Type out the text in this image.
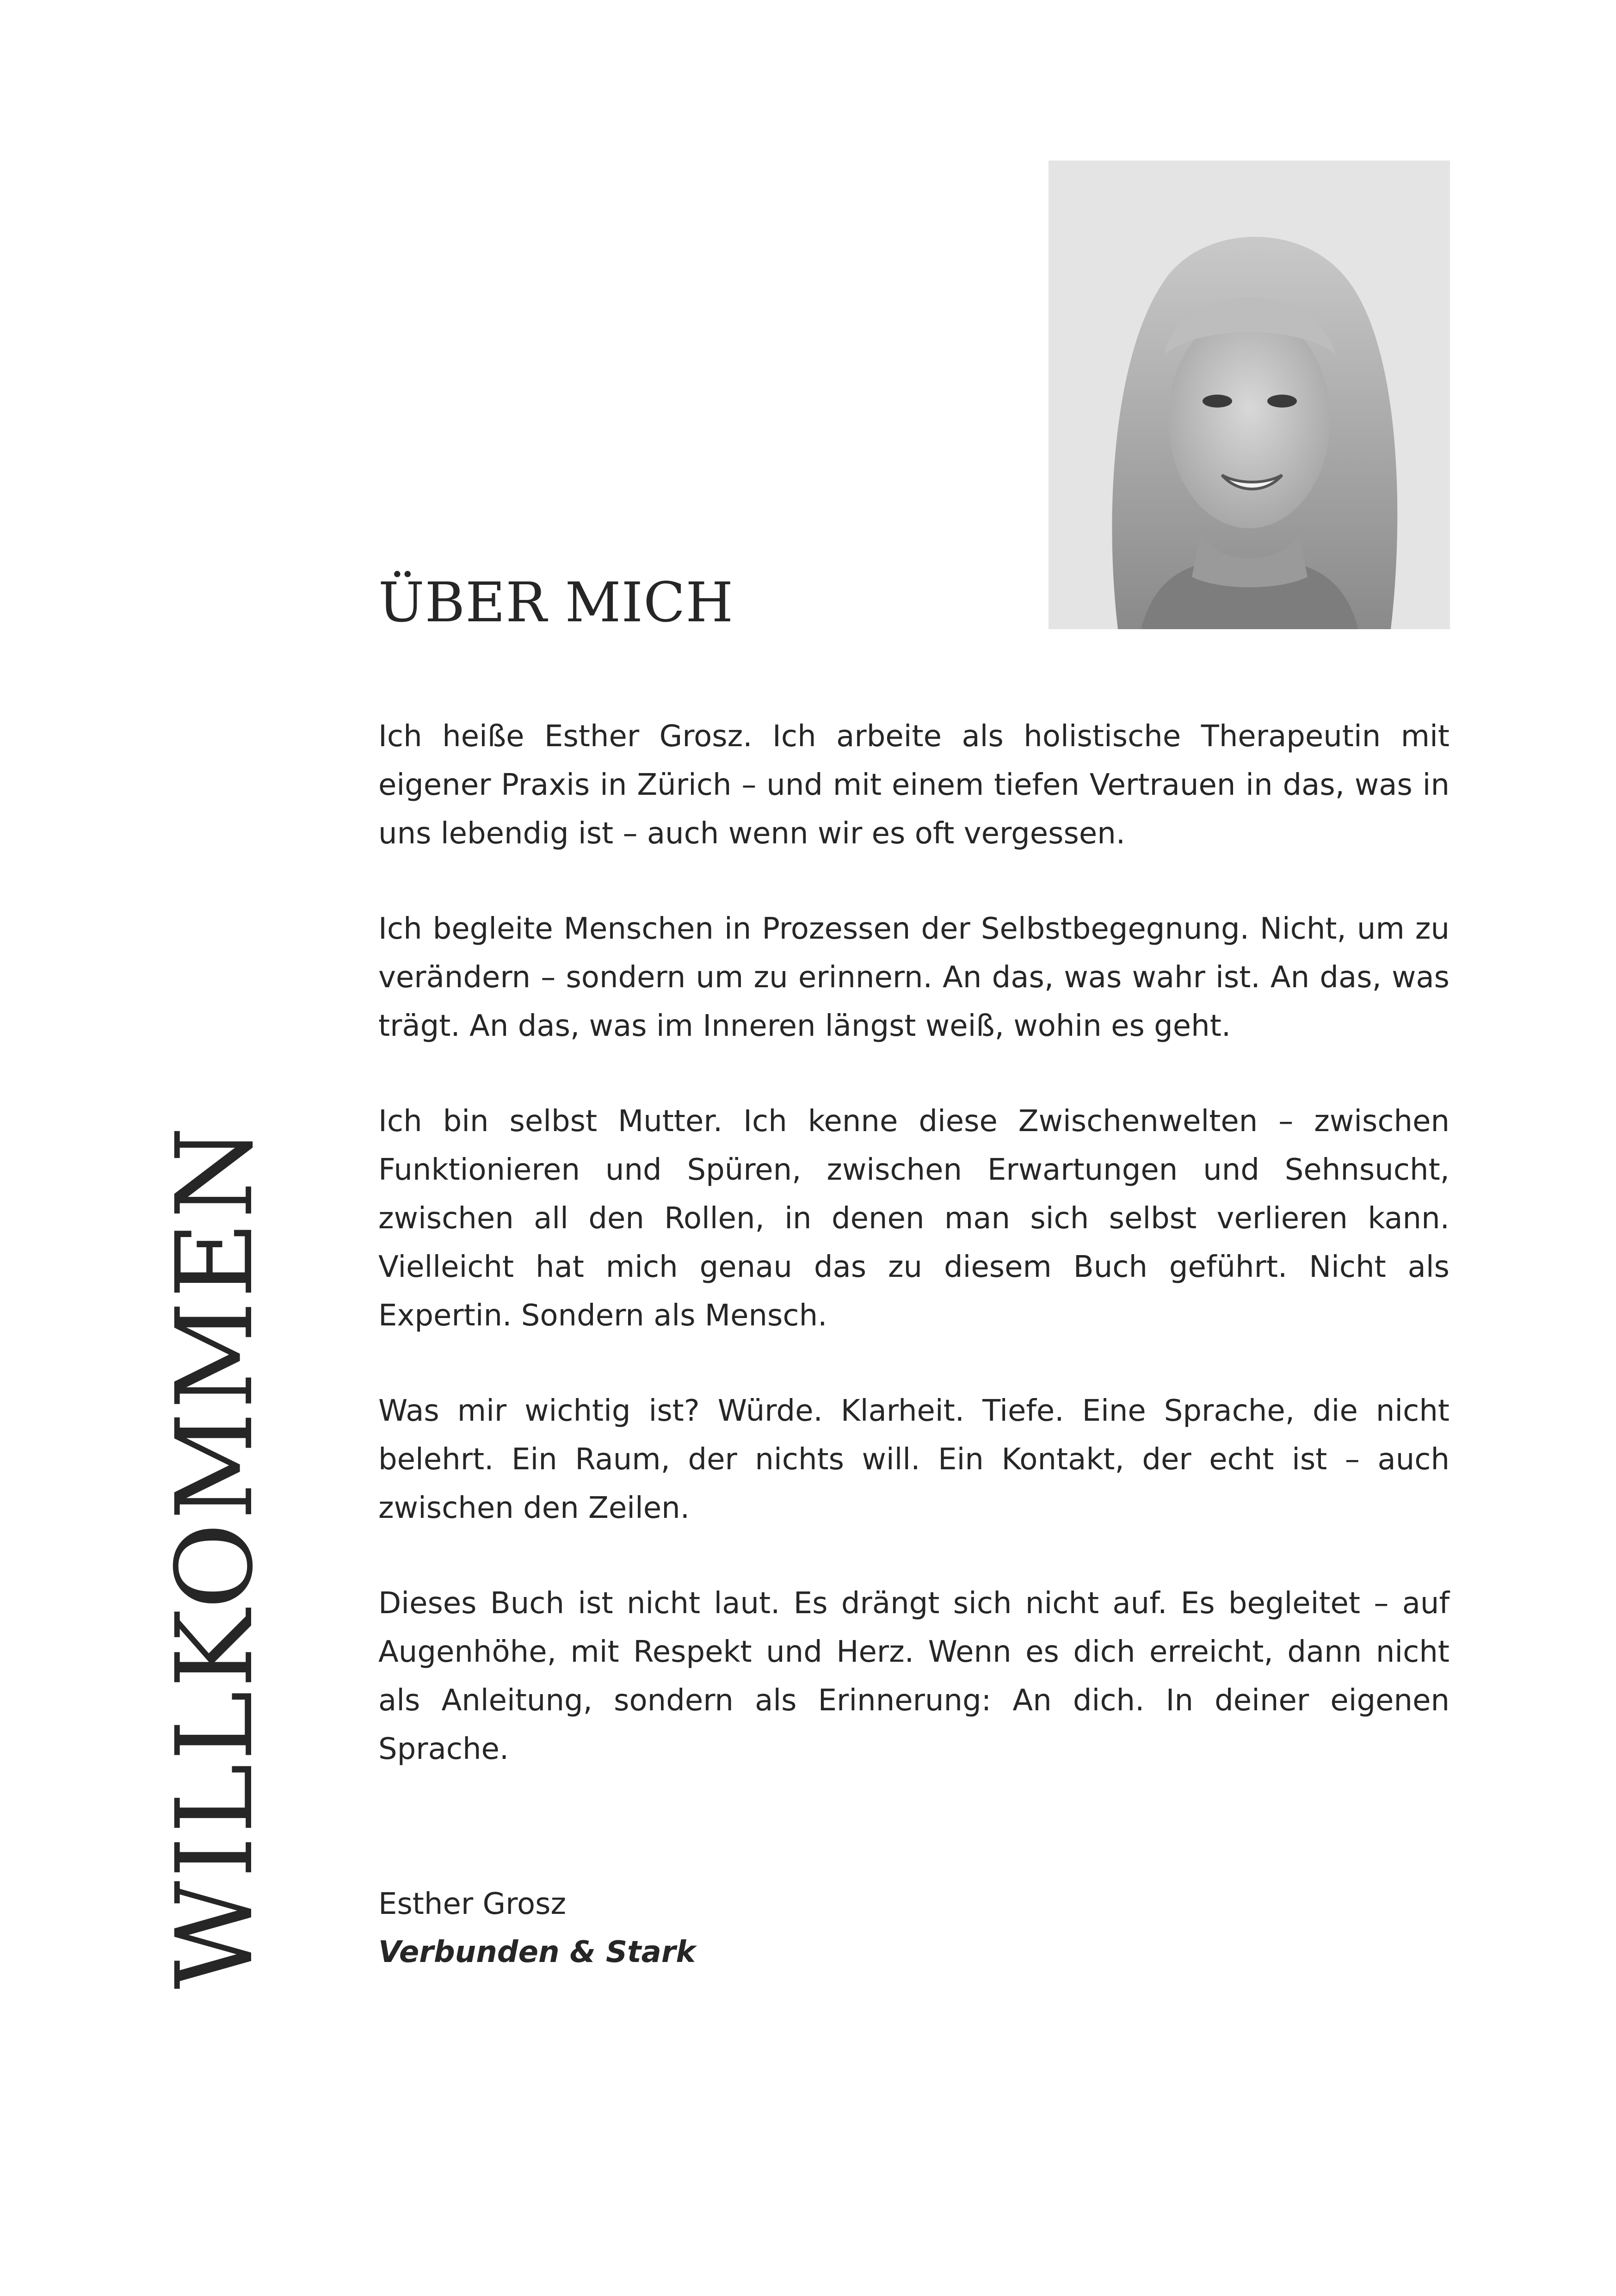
WILLKOMMEN
ÜBER MICH

Ich heiße Esther Grosz. Ich arbeite als holistische Therapeutin mit eigener Praxis in Zürich – und mit einem tiefen Vertrauen in das, was in uns lebendig ist – auch wenn wir es oft vergessen.

Ich begleite Menschen in Prozessen der Selbstbegegnung. Nicht, um zu verändern – sondern um zu erinnern. An das, was wahr ist. An das, was trägt. An das, was im Inneren längst weiß, wohin es geht.

Ich bin selbst Mutter. Ich kenne diese Zwischenwelten – zwischen Funktionieren und Spüren, zwischen Erwartungen und Sehnsucht, zwischen all den Rollen, in denen man sich selbst verlieren kann. Vielleicht hat mich genau das zu diesem Buch geführt. Nicht als Expertin. Sondern als Mensch.

Was mir wichtig ist? Würde. Klarheit. Tiefe. Eine Sprache, die nicht belehrt. Ein Raum, der nichts will. Ein Kontakt, der echt ist – auch zwischen den Zeilen.

Dieses Buch ist nicht laut. Es drängt sich nicht auf. Es begleitet – auf Augenhöhe, mit Respekt und Herz. Wenn es dich erreicht, dann nicht als Anleitung, sondern als Erinnerung: An dich. In deiner eigenen Sprache.

Esther Grosz
Verbunden & Stark
